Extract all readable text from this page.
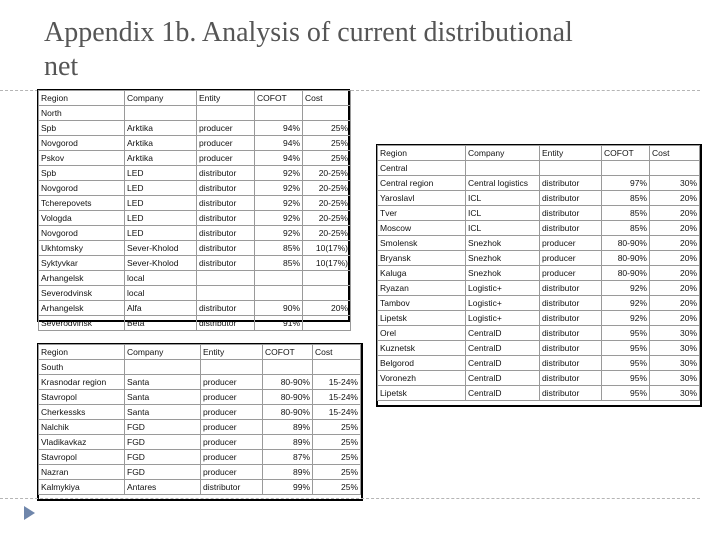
Appendix 1b. Analysis of current distributional net
Region	Company	Entity	COFOT	Cost
North				
Spb	Arktika	producer	94%	25%
Novgorod	Arktika	producer	94%	25%
Pskov	Arktika	producer	94%	25%
Spb	LED	distributor	92%	20-25%
Novgorod	LED	distributor	92%	20-25%
Tcherepovets	LED	distributor	92%	20-25%
Vologda	LED	distributor	92%	20-25%
Novgorod	LED	distributor	92%	20-25%
Ukhtomsky	Sever-Kholod	distributor	85%	10(17%)
Syktyvkar	Sever-Kholod	distributor	85%	10(17%)
Arhangelsk	local			
Severodvinsk	local			
Arhangelsk	Alfa	distributor	90%	20%
Severodvinsk	Beta	distributor	91%	
Region	Company	Entity	COFOT	Cost
South				
Krasnodar region	Santa	producer	80-90%	15-24%
Stavropol	Santa	producer	80-90%	15-24%
Cherkessks	Santa	producer	80-90%	15-24%
Nalchik	FGD	producer	89%	25%
Vladikavkaz	FGD	producer	89%	25%
Stavropol	FGD	producer	87%	25%
Nazran	FGD	producer	89%	25%
Kalmykiya	Antares	distributor	99%	25%
Region	Company	Entity	COFOT	Cost
Central				
Central region	Central logistics	distributor	97%	30%
Yaroslavl	ICL	distributor	85%	20%
Tver	ICL	distributor	85%	20%
Moscow	ICL	distributor	85%	20%
Smolensk	Snezhok	producer	80-90%	20%
Bryansk	Snezhok	producer	80-90%	20%
Kaluga	Snezhok	producer	80-90%	20%
Ryazan	Logistic+	distributor	92%	20%
Tambov	Logistic+	distributor	92%	20%
Lipetsk	Logistic+	distributor	92%	20%
Orel	CentralD	distributor	95%	30%
Kuznetsk	CentralD	distributor	95%	30%
Belgorod	CentralD	distributor	95%	30%
Voronezh	CentralD	distributor	95%	30%
Lipetsk	CentralD	distributor	95%	30%
